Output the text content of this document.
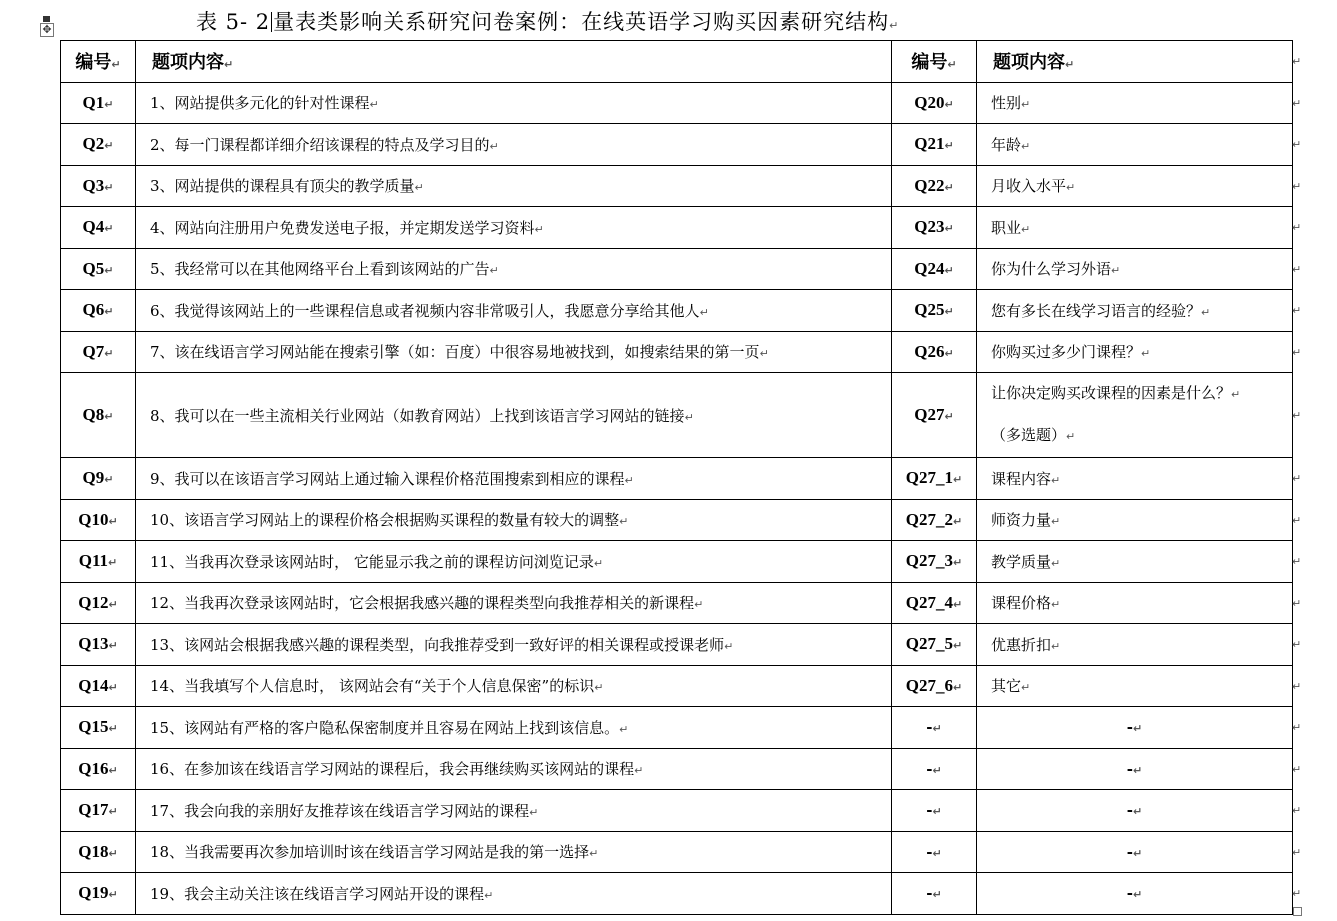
✥	表 5- 2 量表类影响关系研究问卷案例：在线英语学习购买因素研究结构↵
编号↵	题项内容↵	编号↵	题项内容↵
Q1↵	1、网站提供多元化的针对性课程↵	Q20↵	性别↵
Q2↵	2、每一门课程都详细介绍该课程的特点及学习目的↵	Q21↵	年龄↵
Q3↵	3、网站提供的课程具有顶尖的教学质量↵	Q22↵	月收入水平↵
Q4↵	4、网站向注册用户免费发送电子报，并定期发送学习资料↵	Q23↵	职业↵
Q5↵	5、我经常可以在其他网络平台上看到该网站的广告↵	Q24↵	你为什么学习外语↵
Q6↵	6、我觉得该网站上的一些课程信息或者视频内容非常吸引人，我愿意分享给其他人↵	Q25↵	您有多长在线学习语言的经验？↵
Q7↵	7、该在线语言学习网站能在搜索引擎（如：百度）中很容易地被找到，如搜索结果的第一页↵	Q26↵	你购买过多少门课程？↵
Q8↵	8、我可以在一些主流相关行业网站（如教育网站）上找到该语言学习网站的链接↵	Q27↵	让你决定购买改课程的因素是什么？↵
（多选题）↵

Q9↵	9、我可以在该语言学习网站上通过输入课程价格范围搜索到相应的课程↵	Q27_1↵	课程内容↵
Q10↵	10、该语言学习网站上的课程价格会根据购买课程的数量有较大的调整↵	Q27_2↵	师资力量↵
Q11↵	11、当我再次登录该网站时， 它能显示我之前的课程访问浏览记录↵	Q27_3↵	教学质量↵
Q12↵	12、当我再次登录该网站时，它会根据我感兴趣的课程类型向我推荐相关的新课程↵	Q27_4↵	课程价格↵
Q13↵	13、该网站会根据我感兴趣的课程类型，向我推荐受到一致好评的相关课程或授课老师↵	Q27_5↵	优惠折扣↵
Q14↵	14、当我填写个人信息时， 该网站会有“关于个人信息保密”的标识↵	Q27_6↵	其它↵
Q15↵	15、该网站有严格的客户隐私保密制度并且容易在网站上找到该信息。↵	-↵	-↵
Q16↵	16、在参加该在线语言学习网站的课程后，我会再继续购买该网站的课程↵	-↵	-↵
Q17↵	17、我会向我的亲朋好友推荐该在线语言学习网站的课程↵	-↵	-↵
Q18↵	18、当我需要再次参加培训时该在线语言学习网站是我的第一选择↵	-↵	-↵
Q19↵	19、我会主动关注该在线语言学习网站开设的课程↵	-↵	-↵
↵
↵
↵
↵
↵
↵
↵
↵
↵
↵
↵
↵
↵
↵
↵
↵
↵
↵
↵
↵
